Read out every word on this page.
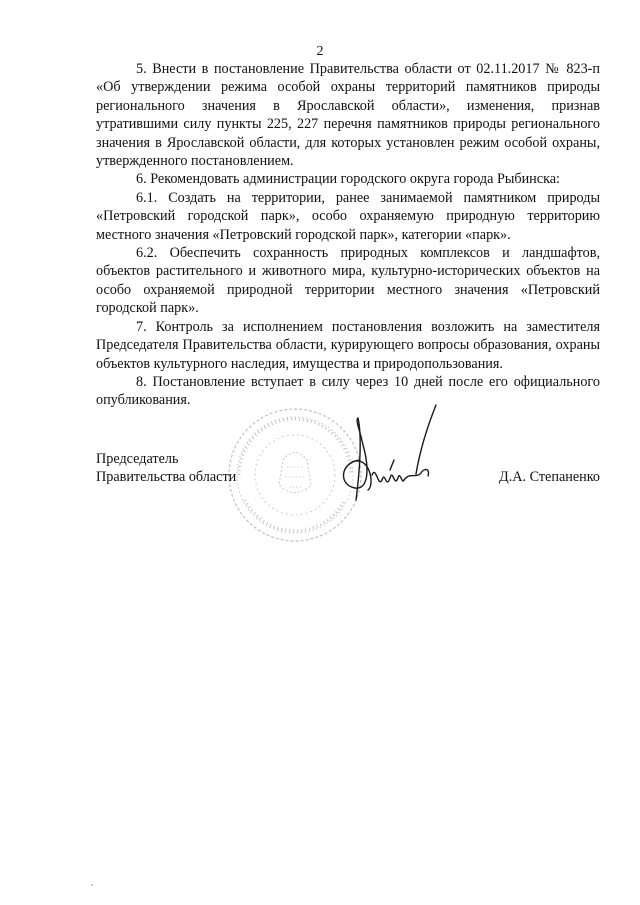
2

5. Внести в постановление Правительства области от 02.11.2017 № 823-п «Об утверждении режима особой охраны территорий памятников природы регионального значения в Ярославской области», изменения, признав утратившими силу пункты 225, 227 перечня памятников природы регионального значения в Ярославской области, для которых установлен режим особой охраны, утвержденного постановлением.

6. Рекомендовать администрации городского округа города Рыбинска:

6.1. Создать на территории, ранее занимаемой памятником природы «Петровский городской парк», особо охраняемую природную территорию местного значения «Петровский городской парк», категории «парк».

6.2. Обеспечить сохранность природных комплексов и ландшафтов, объектов растительного и животного мира, культурно-исторических объектов на особо охраняемой природной территории местного значения «Петровский городской парк».

7. Контроль за исполнением постановления возложить на заместителя Председателя Правительства области, курирующего вопросы образования, охраны объектов культурного наследия, имущества и природопользования.

8. Постановление вступает в силу через 10 дней после его официального опубликования.

Председатель
Правительства области	Д.А. Степаненко
